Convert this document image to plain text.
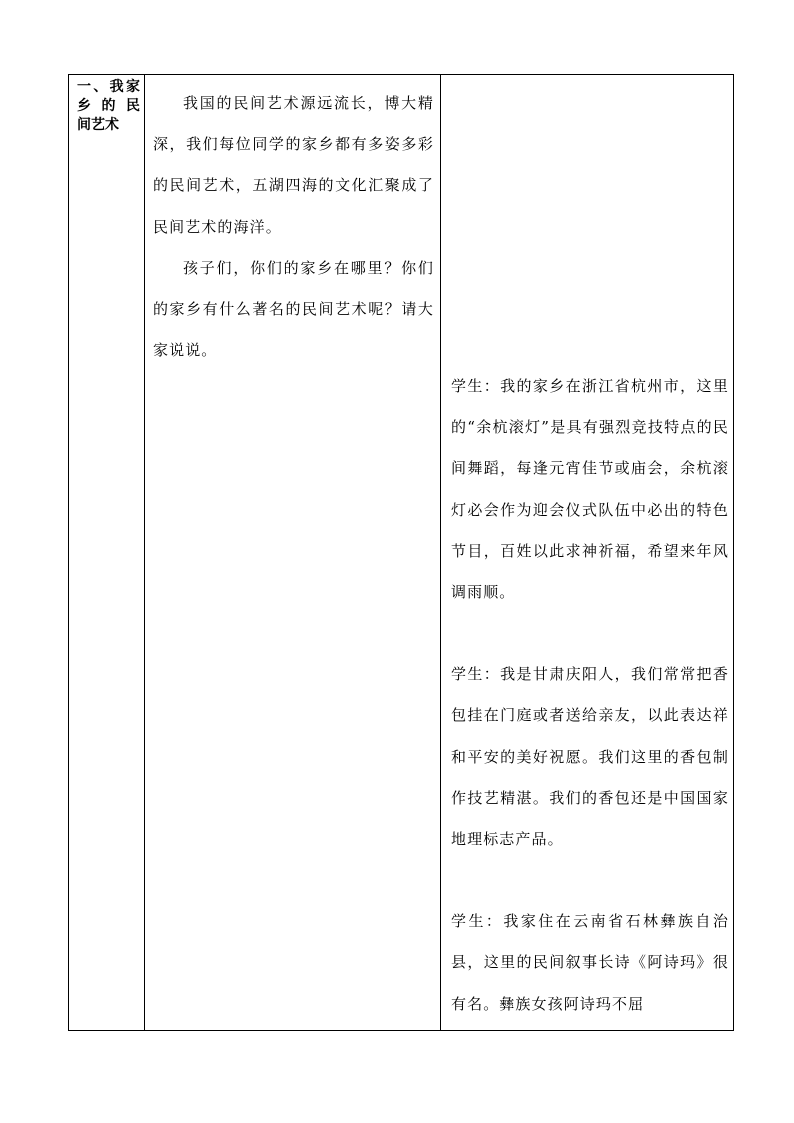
一、我家
乡的民
间艺术

我国的民间艺术源远流长，博大精深，我们每位同学的家乡都有多姿多彩的民间艺术，五湖四海的文化汇聚成了民间艺术的海洋。

孩子们，你们的家乡在哪里？你们的家乡有什么著名的民间艺术呢？请大家说说。

学生：我的家乡在浙江省杭州市，这里的“余杭滚灯”是具有强烈竞技特点的民间舞蹈，每逢元宵佳节或庙会，余杭滚灯必会作为迎会仪式队伍中必出的特色节目，百姓以此求神祈福，希望来年风调雨顺。

学生：我是甘肃庆阳人，我们常常把香包挂在门庭或者送给亲友，以此表达祥和平安的美好祝愿。我们这里的香包制作技艺精湛。我们的香包还是中国国家地理标志产品。

学生：我家住在云南省石林彝族自治县，这里的民间叙事长诗《阿诗玛》很有名。彝族女孩阿诗玛不屈
